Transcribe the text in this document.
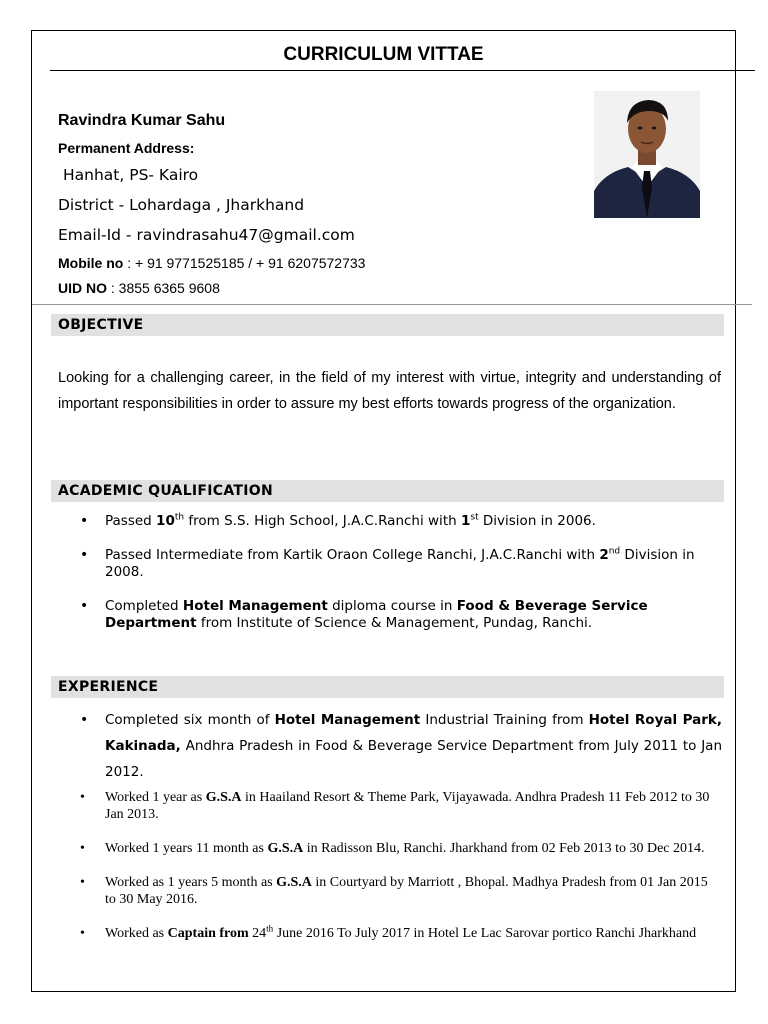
CURRICULUM VITTAE
Ravindra Kumar Sahu
Permanent Address:
Hanhat, PS- Kairo
District - Lohardaga , Jharkhand
Email-Id - ravindrasahu47@gmail.com
Mobile no : + 91 9771525185 / + 91 6207572733
UID NO : 3855 6365 9608
OBJECTIVE
Looking for a challenging career, in the field of my interest with virtue, integrity and understanding of important responsibilities in order to assure my best efforts towards progress of the organization.
ACADEMIC QUALIFICATION
• Passed 10th from S.S. High School, J.A.C.Ranchi with 1st Division in 2006.
• Passed Intermediate from Kartik Oraon College Ranchi, J.A.C.Ranchi with 2nd Division in 2008.
• Completed Hotel Management diploma course in Food & Beverage Service Department from Institute of Science & Management, Pundag, Ranchi.
EXPERIENCE
• Completed six month of Hotel Management Industrial Training from Hotel Royal Park, Kakinada, Andhra Pradesh in Food & Beverage Service Department from July 2011 to Jan 2012.
• Worked 1 year as G.S.A in Haailand Resort & Theme Park, Vijayawada. Andhra Pradesh 11 Feb 2012 to 30 Jan 2013.
• Worked 1 years 11 month as G.S.A in Radisson Blu, Ranchi. Jharkhand from 02 Feb 2013 to 30 Dec 2014.
• Worked as 1 years 5 month as G.S.A in Courtyard by Marriott , Bhopal. Madhya Pradesh from 01 Jan 2015 to 30 May 2016.
• Worked as Captain from 24th June 2016 To July 2017 in Hotel Le Lac Sarovar portico Ranchi Jharkhand
